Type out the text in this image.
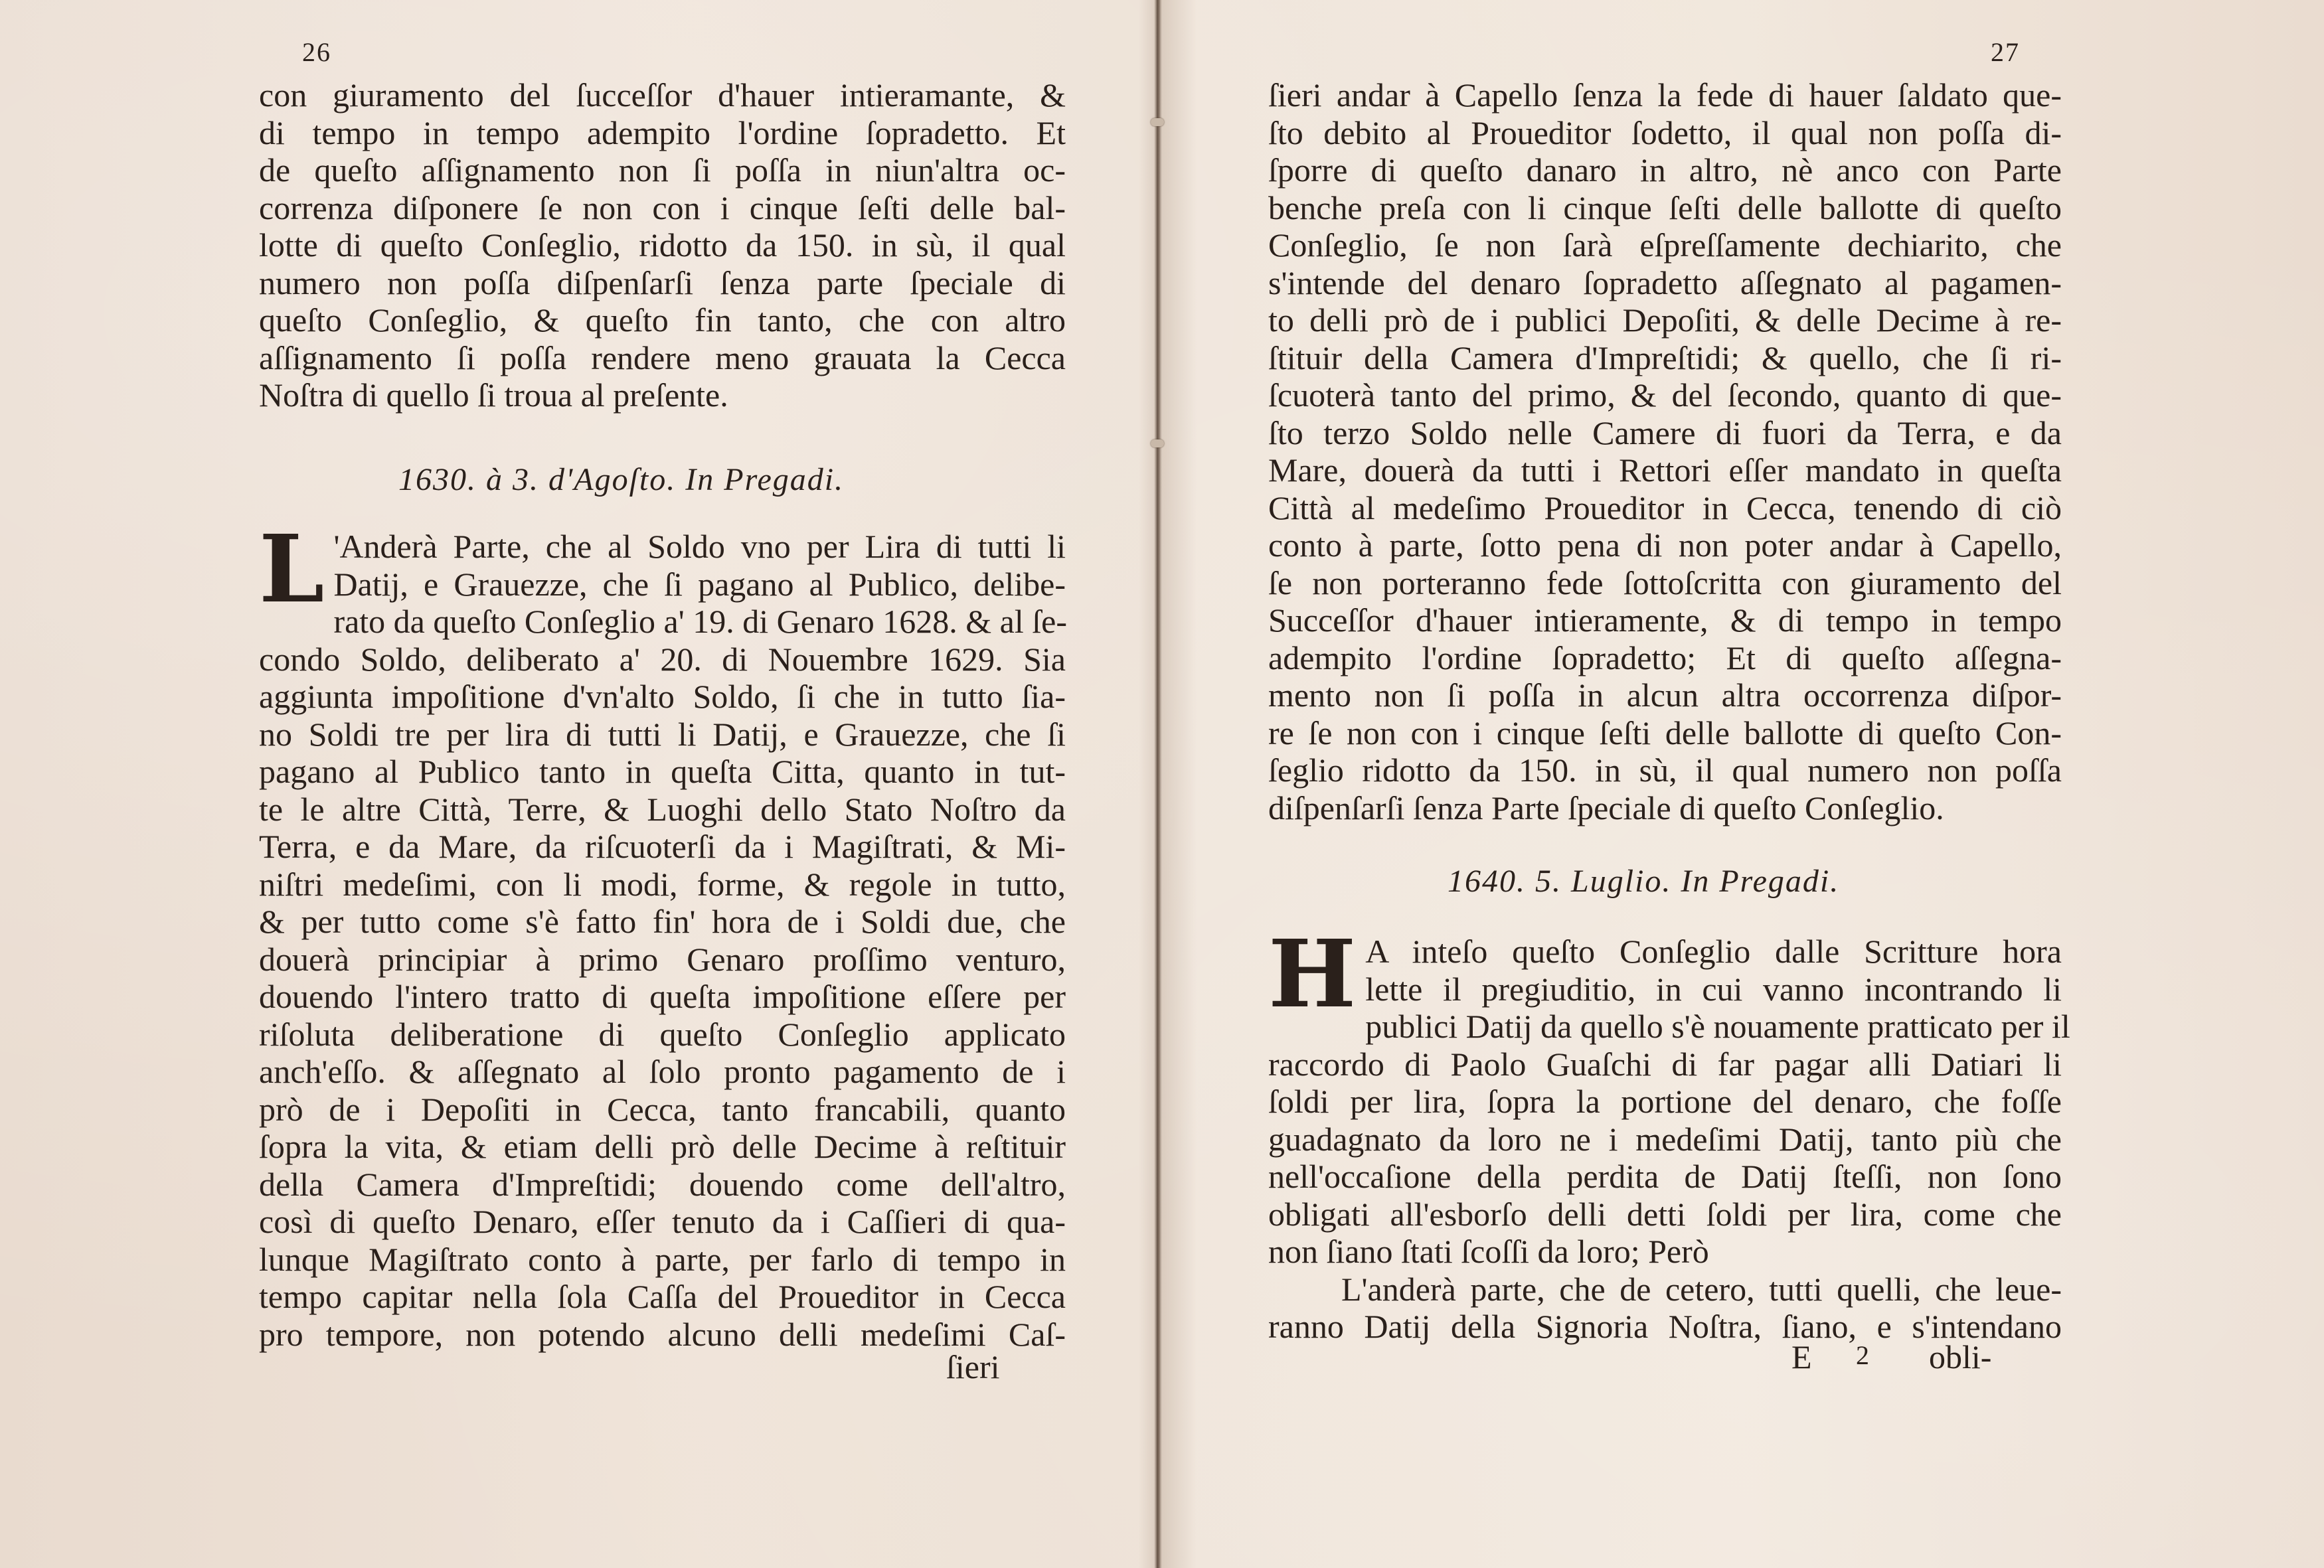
26
con giuramento del ſucceſſor d'hauer intieramante, &
di tempo in tempo adempito l'ordine ſopradetto. Et
de queſto aſſignamento non ſi poſſa in niun'altra oc-
correnza diſponere ſe non con i cinque ſeſti delle bal-
lotte di queſto Conſeglio, ridotto da 150. in sù, il qual
numero non poſſa diſpenſarſi ſenza parte ſpeciale di
queſto Conſeglio, & queſto fin tanto, che con altro
aſſignamento ſi poſſa rendere meno grauata la Cecca
Noſtra di quello ſi troua al preſente.
1630. à 3. d'Agoſto. In Pregadi.
L 'Anderà Parte, che al Soldo vno per Lira di tutti li
Datij, e Grauezze, che ſi pagano al Publico, delibe-
rato da queſto Conſeglio a' 19. di Genaro 1628. & al ſe-
condo Soldo, deliberato a' 20. di Nouembre 1629. Sia
aggiunta impoſitione d'vn'alto Soldo, ſi che in tutto ſia-
no Soldi tre per lira di tutti li Datij, e Grauezze, che ſi
pagano al Publico tanto in queſta Citta, quanto in tut-
te le altre Città, Terre, & Luoghi dello Stato Noſtro da
Terra, e da Mare, da riſcuoterſi da i Magiſtrati, & Mi-
niſtri medeſimi, con li modi, forme, & regole in tutto,
& per tutto come s'è fatto fin' hora de i Soldi due, che
douerà principiar à primo Genaro proſſimo venturo,
douendo l'intero tratto di queſta impoſitione eſſere per
riſoluta deliberatione di queſto Conſeglio applicato
anch'eſſo. & aſſegnato al ſolo pronto pagamento de i
prò de i Depoſiti in Cecca, tanto francabili, quanto
ſopra la vita, & etiam delli prò delle Decime à reſtituir
della Camera d'Impreſtidi; douendo come dell'altro,
così di queſto Denaro, eſſer tenuto da i Caſſieri di qua-
lunque Magiſtrato conto à parte, per farlo di tempo in
tempo capitar nella ſola Caſſa del Proueditor in Cecca
pro tempore, non potendo alcuno delli medeſimi Caſ-
ſieri
27
ſieri andar à Capello ſenza la fede di hauer ſaldato que-
ſto debito al Proueditor ſodetto, il qual non poſſa di-
ſporre di queſto danaro in altro, nè anco con Parte
benche preſa con li cinque ſeſti delle ballotte di queſto
Conſeglio, ſe non ſarà eſpreſſamente dechiarito, che
s'intende del denaro ſopradetto aſſegnato al pagamen-
to delli prò de i publici Depoſiti, & delle Decime à re-
ſtituir della Camera d'Impreſtidi; & quello, che ſi ri-
ſcuoterà tanto del primo, & del ſecondo, quanto di que-
ſto terzo Soldo nelle Camere di fuori da Terra, e da
Mare, douerà da tutti i Rettori eſſer mandato in queſta
Città al medeſimo Proueditor in Cecca, tenendo di ciò
conto à parte, ſotto pena di non poter andar à Capello,
ſe non porteranno fede ſottoſcritta con giuramento del
Succeſſor d'hauer intieramente, & di tempo in tempo
adempito l'ordine ſopradetto; Et di queſto aſſegna-
mento non ſi poſſa in alcun altra occorrenza diſpor-
re ſe non con i cinque ſeſti delle ballotte di queſto Con-
ſeglio ridotto da 150. in sù, il qual numero non poſſa
diſpenſarſi ſenza Parte ſpeciale di queſto Conſeglio.
1640. 5. Luglio. In Pregadi.
H A inteſo queſto Conſeglio dalle Scritture hora
lette il pregiuditio, in cui vanno incontrando li
publici Datij da quello s'è nouamente pratticato per il
raccordo di Paolo Guaſchi di far pagar alli Datiari li
ſoldi per lira, ſopra la portione del denaro, che foſſe
guadagnato da loro ne i medeſimi Datij, tanto più che
nell'occaſione della perdita de Datij ſteſſi, non ſono
obligati all'esborſo delli detti ſoldi per lira, come che
non ſiano ſtati ſcoſſi da loro; Però
L'anderà parte, che de cetero, tutti quelli, che leue-
ranno Datij della Signoria Noſtra, ſiano, e s'intendano
E 2 obli-
